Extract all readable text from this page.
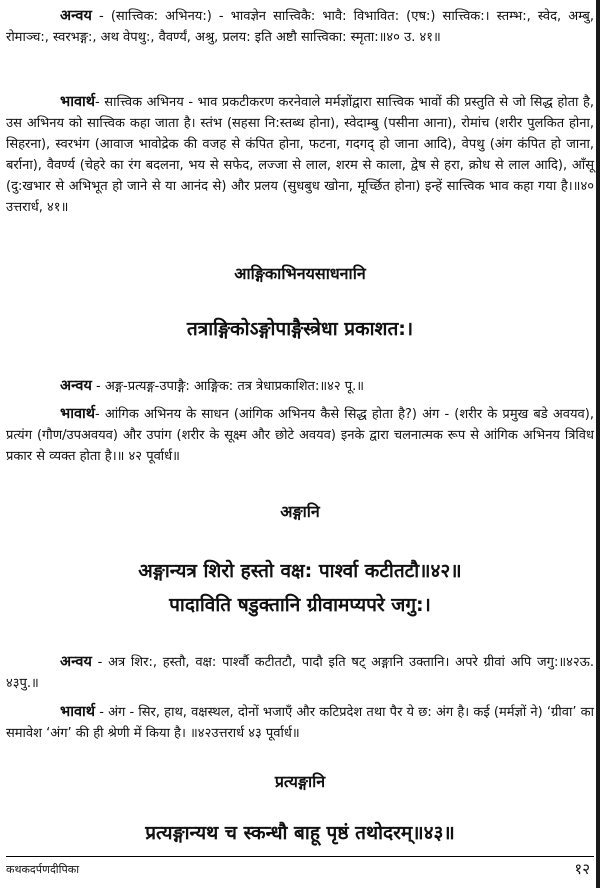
अन्वय - (सात्त्विक: अभिनय:) - भावज्ञेन सात्त्विकै: भावै: विभावित: (एष:) सात्त्विक:। स्तम्भ:, स्वेद, अम्बु, रोमाञ्च:, स्वरभङ्ग:, अथ वेपथु:, वैवर्ण्यं, अश्रु, प्रलय: इति अष्टौ सात्त्विका: स्मृता:॥४० उ. ४१॥

भावार्थ- सात्त्विक अभिनय - भाव प्रकटीकरण करनेवाले मर्मज्ञोंद्वारा सात्त्विक भावों की प्रस्तुति से जो सिद्ध होता है, उस अभिनय को सात्त्विक कहा जाता है। स्तंभ (सहसा नि:स्तब्ध होना), स्वेदाम्बु (पसीना आना), रोमांच (शरीर पुलकित होना, सिहरना), स्वरभंग (आवाज भावोद्रेक की वजह से कंपित होना, फटना, गदगद् हो जाना आदि), वेपथु (अंग कंपित हो जाना, बर्राना), वैवर्ण्य (चेहरे का रंग बदलना, भय से सफेद, लज्जा से लाल, शरम से काला, द्वेष से हरा, क्रोध से लाल आदि), आँसू (दु:खभार से अभिभूत हो जाने से या आनंद से) और प्रलय (सुधबुध खोना, मूर्च्छित होना) इन्हें सात्त्विक भाव कहा गया है।॥४० उत्तरार्ध, ४१॥

आङ्गिकाभिनयसाधनानि
तत्राङ्गिकोऽङ्गोपाङ्गैस्त्रेधा प्रकाशत:।

अन्वय - अङ्ग-प्रत्यङ्ग-उपाङ्गै: आङ्गिक: तत्र त्रेधाप्रकाशित:॥४२ पू.॥

भावार्थ- आंगिक अभिनय के साधन (आंगिक अभिनय कैसे सिद्ध होता है?) अंग - (शरीर के प्रमुख बडे अवयव), प्रत्यंग (गौण/उपअवयव) और उपांग (शरीर के सूक्ष्म और छोटे अवयव) इनके द्वारा चलनात्मक रूप से आंगिक अभिनय त्रिविध प्रकार से व्यक्त होता है।॥ ४२ पूर्वार्ध॥

अङ्गानि
अङ्गान्यत्र शिरो हस्तो वक्ष: पार्श्वा कटीतटौ॥४२॥
पादाविति षडुक्तानि ग्रीवामप्यपरे जगु:।

अन्वय - अत्र शिर:, हस्तौ, वक्ष: पार्श्वौ कटीतटौ, पादौ इति षट् अङ्गानि उक्तानि। अपरे ग्रीवां अपि जगु:॥४२ऊ. ४३पु.॥

भावार्थ - अंग - सिर, हाथ, वक्षस्थल, दोनों भजाएँ और कटिप्रदेश तथा पैर ये छ: अंग है। कई (मर्मज्ञों ने) ‘ग्रीवा’ का समावेश ‘अंग’ की ही श्रेणी में किया है। ॥४२उत्तरार्ध ४३ पूर्वार्ध॥

प्रत्यङ्गानि
प्रत्यङ्गान्यथ च स्कन्धौ बाहू पृष्ठं तथोदरम्॥४३॥
कथकदर्पणदीपिका	१२
